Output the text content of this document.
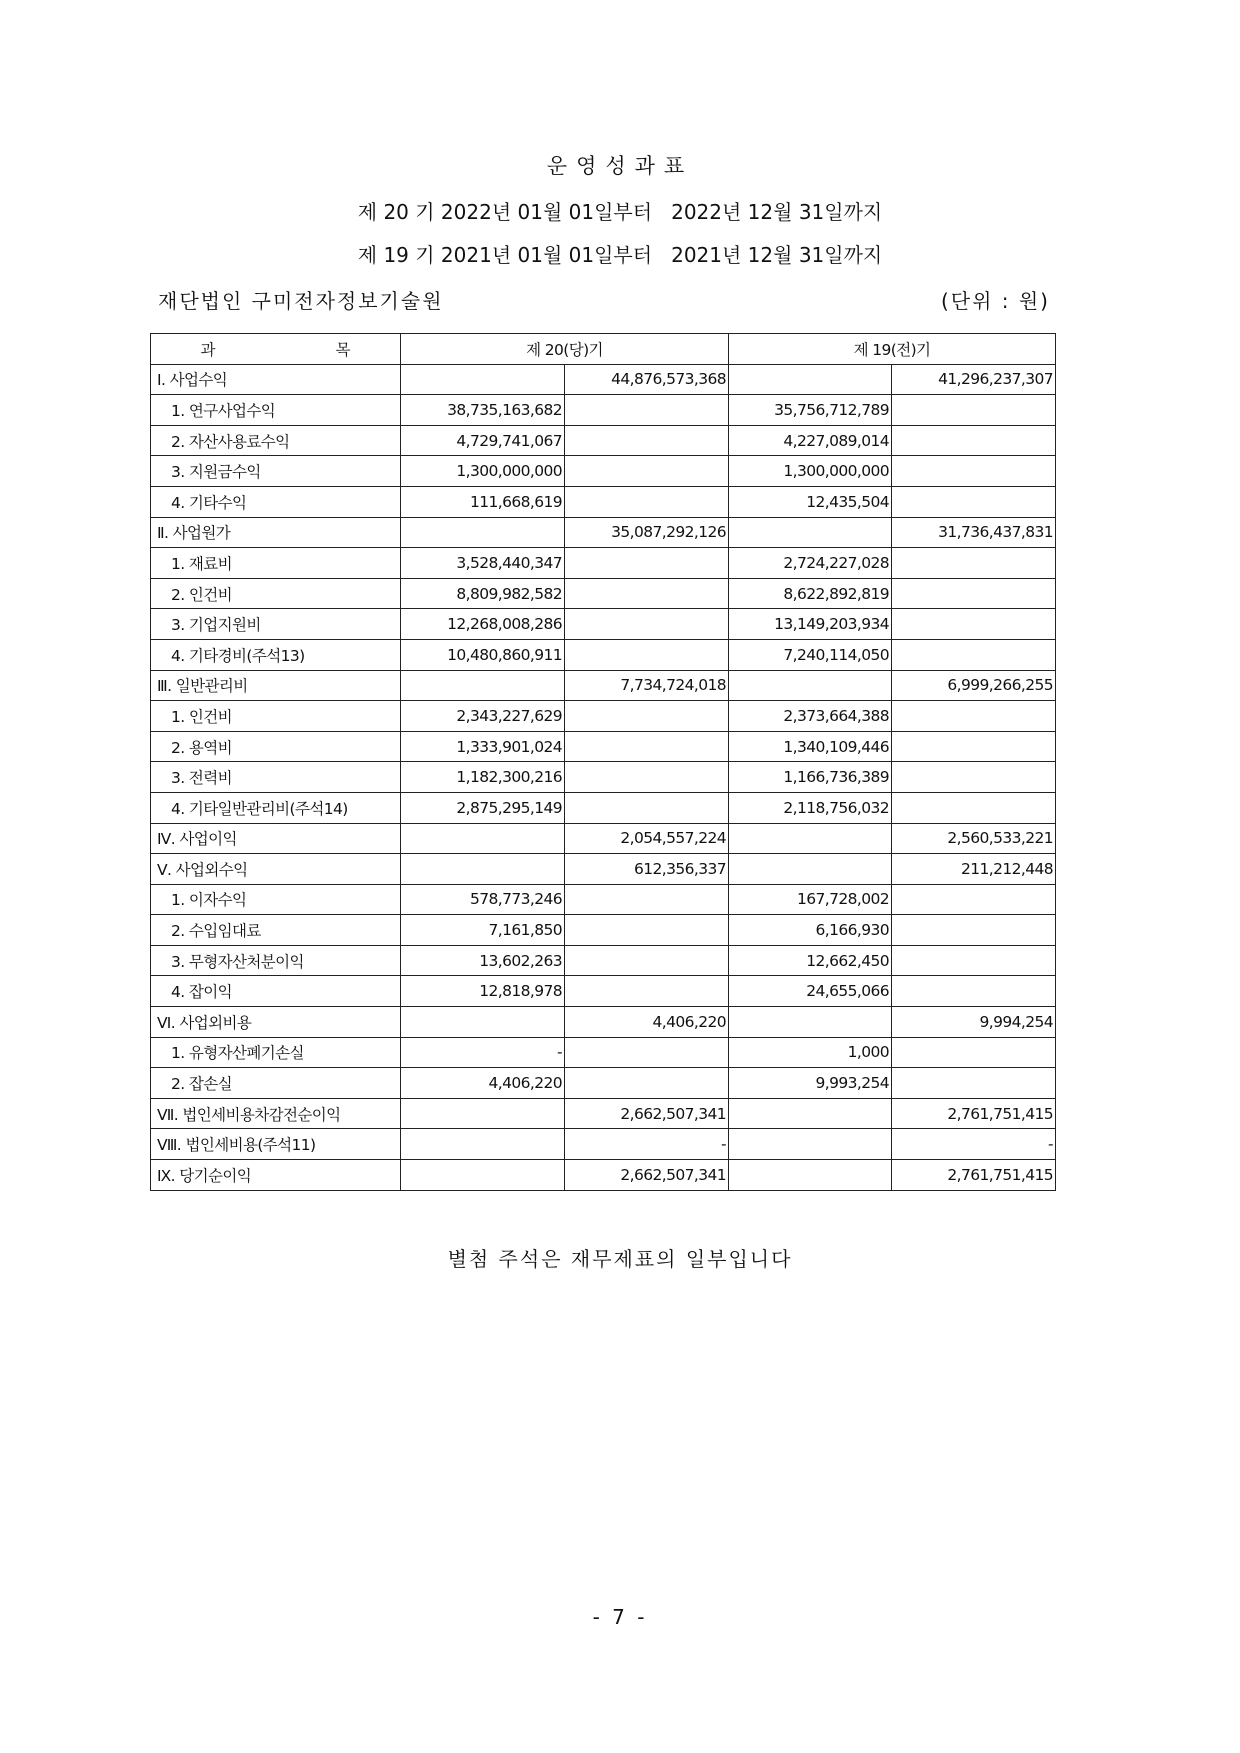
운영성과표
제 20 기 2022년 01월 01일부터   2022년 12월 31일까지
제 19 기 2021년 01월 01일부터   2021년 12월 31일까지
재단법인 구미전자정보기술원	(단위 : 원)
과 목	제 20(당)기		제 19(전)기	
Ⅰ. 사업수익		44,876,573,368		41,296,237,307
1. 연구사업수익	38,735,163,682		35,756,712,789	
2. 자산사용료수익	4,729,741,067		4,227,089,014	
3. 지원금수익	1,300,000,000		1,300,000,000	
4. 기타수익	111,668,619		12,435,504	
Ⅱ. 사업원가		35,087,292,126		31,736,437,831
1. 재료비	3,528,440,347		2,724,227,028	
2. 인건비	8,809,982,582		8,622,892,819	
3. 기업지원비	12,268,008,286		13,149,203,934	
4. 기타경비(주석13)	10,480,860,911		7,240,114,050	
Ⅲ. 일반관리비		7,734,724,018		6,999,266,255
1. 인건비	2,343,227,629		2,373,664,388	
2. 용역비	1,333,901,024		1,340,109,446	
3. 전력비	1,182,300,216		1,166,736,389	
4. 기타일반관리비(주석14)	2,875,295,149		2,118,756,032	
Ⅳ. 사업이익		2,054,557,224		2,560,533,221
Ⅴ. 사업외수익		612,356,337		211,212,448
1. 이자수익	578,773,246		167,728,002	
2. 수입임대료	7,161,850		6,166,930	
3. 무형자산처분이익	13,602,263		12,662,450	
4. 잡이익	12,818,978		24,655,066	
Ⅵ. 사업외비용		4,406,220		9,994,254
1. 유형자산폐기손실	-		1,000	
2. 잡손실	4,406,220		9,993,254	
Ⅶ. 법인세비용차감전순이익		2,662,507,341		2,761,751,415
Ⅷ. 법인세비용(주석11)		-		-
Ⅸ. 당기순이익		2,662,507,341		2,761,751,415
별첨 주석은 재무제표의 일부입니다
- 7 -
